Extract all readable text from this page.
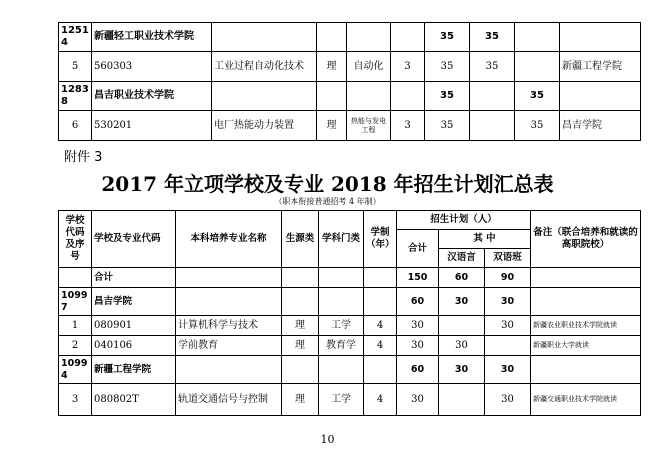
1251
4	新疆轻工职业技术学院					35	35		
5	560303	工业过程自动化技术	理	自动化	3	35	35		新疆工程学院
1283
8	昌吉职业技术学院					35		35	
6	530201	电厂热能动力装置	理	热能与发电工程	3	35		35	昌吉学院
附件 3
2017 年立项学校及专业 2018 年招生计划汇总表
（职本衔接普通招考 4 年制）
学校代码及序号	学校及专业代码	本科培养专业名称	生源类	学科门类	学制（年）	招生计划（人）			备注（联合培养和就读的高职院校）
						合计	其 中		
							汉语言	双语班	
	合计					150	60	90	
1099
7	昌吉学院					60	30	30	
1	080901	计算机科学与技术	理	工学	4	30		30	新疆农业职业技术学院就读
2	040106	学前教育	理	教育学	4	30	30		新疆职业大学就读
1099
4	新疆工程学院					60	30	30	
3	080802T	轨道交通信号与控制	理	工学	4	30		30	新疆交通职业技术学院就读
10
